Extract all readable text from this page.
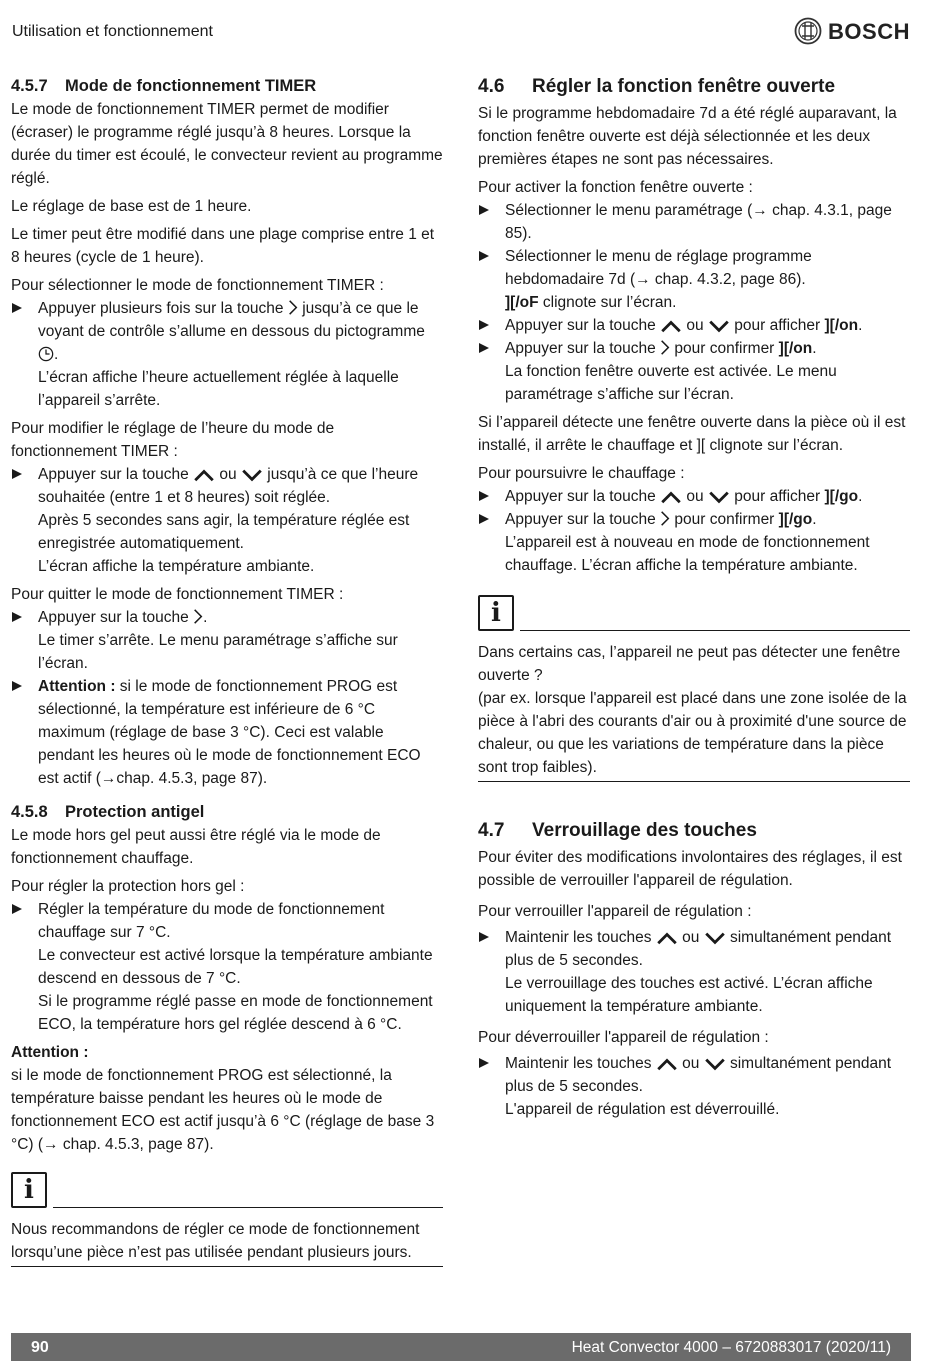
Utilisation et fonctionnement	BOSCH
4.5.7 Mode de fonctionnement TIMER

Le mode de fonctionnement TIMER permet de modifier (écraser) le programme réglé jusqu’à 8 heures. Lorsque la durée du timer est écoulé, le convecteur revient au programme réglé.

Le réglage de base est de 1 heure.

Le timer peut être modifié dans une plage comprise entre 1 et 8 heures (cycle de 1 heure).

Pour sélectionner le mode de fonctionnement TIMER :

Appuyer plusieurs fois sur la touche jusqu’à ce que le voyant de contrôle s’allume en dessous du pictogramme .
L’écran affiche l’heure actuellement réglée à laquelle l’appareil s’arrête.

Pour modifier le réglage de l’heure du mode de fonctionnement TIMER :

Appuyer sur la touche ou jusqu’à ce que l’heure souhaitée (entre 1 et 8 heures) soit réglée.
Après 5 secondes sans agir, la température réglée est enregistrée automatiquement.
L’écran affiche la température ambiante.

Pour quitter le mode de fonctionnement TIMER :

Appuyer sur la touche .
Le timer s’arrête. Le menu paramétrage s’affiche sur l’écran.
Attention : si le mode de fonctionnement PROG est sélectionné, la température est inférieure de 6 °C maximum (réglage de base 3 °C). Ceci est valable pendant les heures où le mode de fonctionnement ECO est actif (→chap. 4.5.3, page 87).
4.5.8 Protection antigel

Le mode hors gel peut aussi être réglé via le mode de fonctionnement chauffage.

Pour régler la protection hors gel :

Régler la température du mode de fonctionnement chauffage sur 7 °C.
Le convecteur est activé lorsque la température ambiante descend en dessous de 7 °C.
Si le programme réglé passe en mode de fonctionnement ECO, la température hors gel réglée descend à 6 °C.

Attention :

si le mode de fonctionnement PROG est sélectionné, la température baisse pendant les heures où le mode de fonctionnement ECO est actif jusqu’à 6 °C (réglage de base 3 °C) (→ chap. 4.5.3, page 87).

i
Nous recommandons de régler ce mode de fonctionnement lorsqu’une pièce n’est pas utilisée pendant plusieurs jours.
4.6 Régler la fonction fenêtre ouverte

Si le programme hebdomadaire 7d a été réglé auparavant, la fonction fenêtre ouverte est déjà sélectionnée et les deux premières étapes ne sont pas nécessaires.

Pour activer la fonction fenêtre ouverte :

Sélectionner le menu paramétrage (→ chap. 4.3.1, page 85).
Sélectionner le menu de réglage programme hebdomadaire 7d (→ chap. 4.3.2, page 86).
][/oF clignote sur l’écran.
Appuyer sur la touche ou pour afficher ][/on.
Appuyer sur la touche pour confirmer ][/on.
La fonction fenêtre ouverte est activée. Le menu paramétrage s’affiche sur l’écran.

Si l’appareil détecte une fenêtre ouverte dans la pièce où il est installé, il arrête le chauffage et ][ clignote sur l’écran.

Pour poursuivre le chauffage :

Appuyer sur la touche ou pour afficher ][/go.
Appuyer sur la touche pour confirmer ][/go.
L’appareil est à nouveau en mode de fonctionnement chauffage. L’écran affiche la température ambiante.
i
Dans certains cas, l’appareil ne peut pas détecter une fenêtre ouverte ?
(par ex. lorsque l'appareil est placé dans une zone isolée de la pièce à l'abri des courants d'air ou à proximité d'une source de chaleur, ou que les variations de température dans la pièce sont trop faibles).
4.7 Verrouillage des touches

Pour éviter des modifications involontaires des réglages, il est possible de verrouiller l'appareil de régulation.

Pour verrouiller l'appareil de régulation :

Maintenir les touches ou simultanément pendant plus de 5 secondes.
Le verrouillage des touches est activé. L’écran affiche uniquement la température ambiante.

Pour déverrouiller l'appareil de régulation :

Maintenir les touches ou simultanément pendant plus de 5 secondes.
L'appareil de régulation est déverrouillé.
90	Heat Convector 4000 – 6720883017 (2020/11)
